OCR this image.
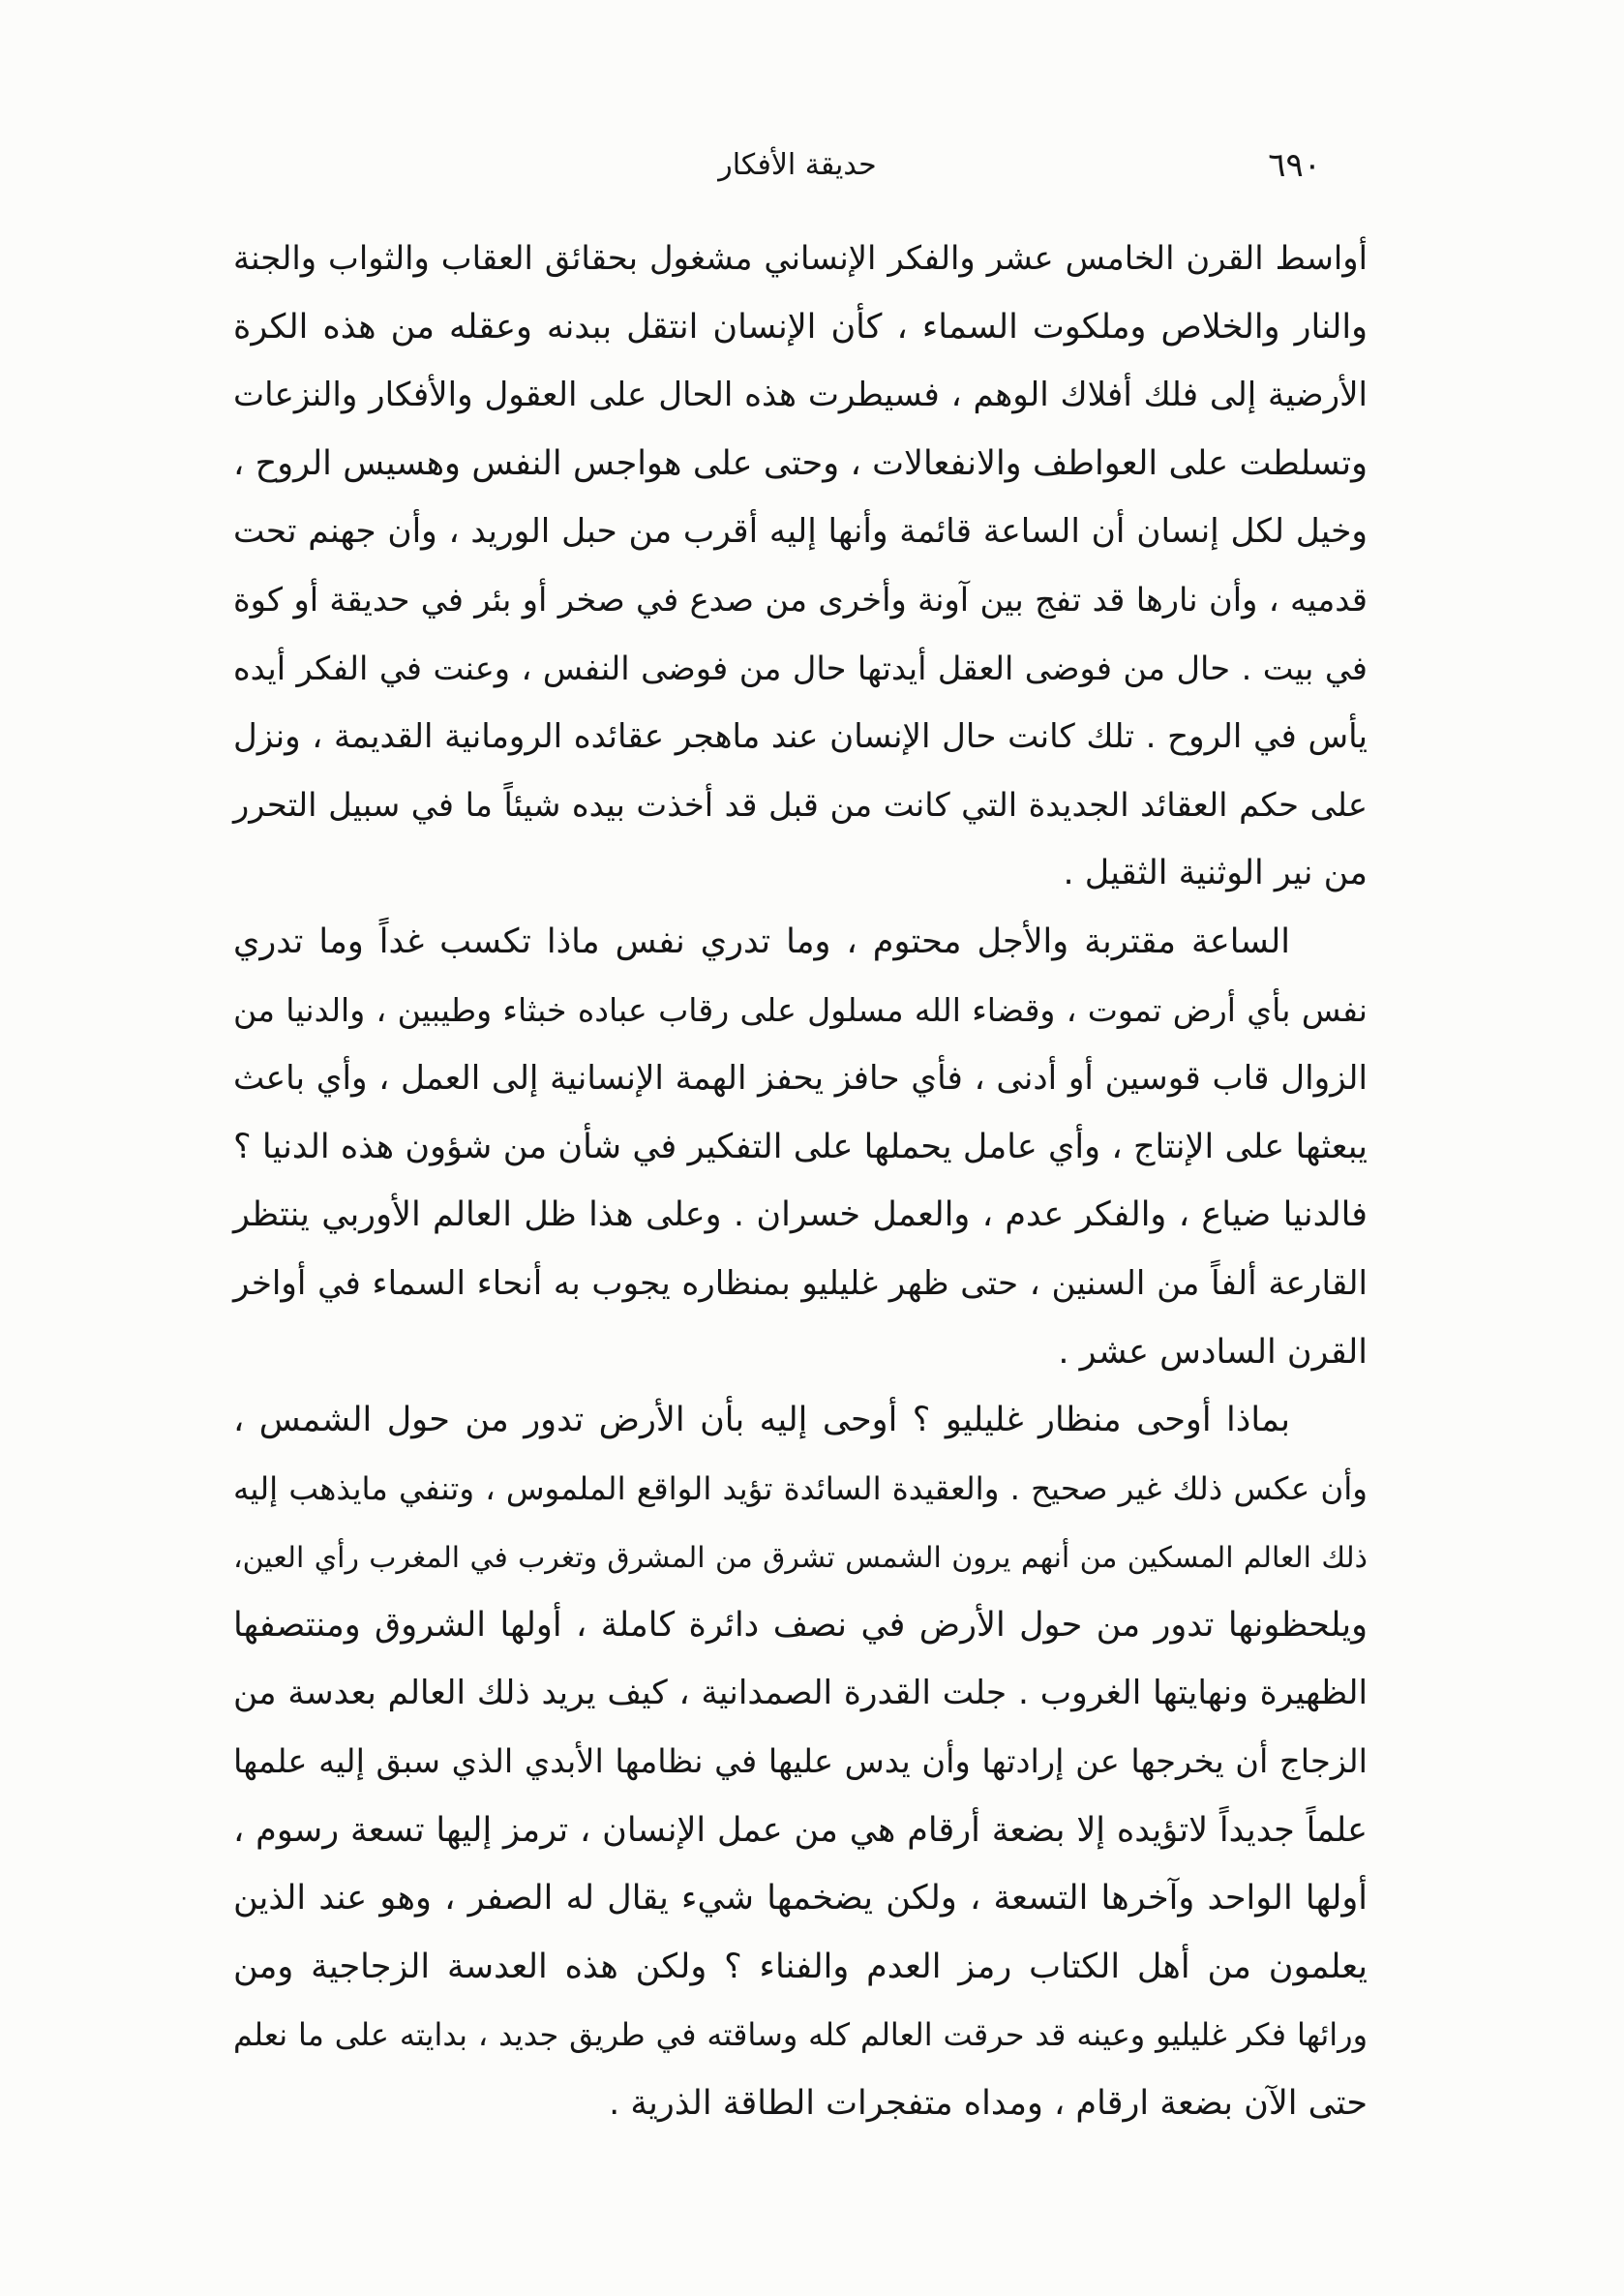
٦٩٠
حديقة الأفكار
أواسط القرن الخامس عشر والفكر الإنساني مشغول بحقائق العقاب والثواب والجنة
والنار والخلاص وملكوت السماء ، كأن الإنسان انتقل ببدنه وعقله من هذه الكرة
الأرضية إلى فلك أفلاك الوهم ، فسيطرت هذه الحال على العقول والأفكار والنزعات
وتسلطت على العواطف والانفعالات ، وحتى على هواجس النفس وهسيس الروح ،
وخيل لكل إنسان أن الساعة قائمة وأنها إليه أقرب من حبل الوريد ، وأن جهنم تحت
قدميه ، وأن نارها قد تفج بين آونة وأخرى من صدع في صخر أو بئر في حديقة أو كوة
في بيت . حال من فوضى العقل أيدتها حال من فوضى النفس ، وعنت في الفكر أيده
يأس في الروح . تلك كانت حال الإنسان عند ماهجر عقائده الرومانية القديمة ، ونزل
على حكم العقائد الجديدة التي كانت من قبل قد أخذت بيده شيئاً ما في سبيل التحرر
من نير الوثنية الثقيل .
الساعة مقتربة والأجل محتوم ، وما تدري نفس ماذا تكسب غداً وما تدري
نفس بأي أرض تموت ، وقضاء الله مسلول على رقاب عباده خبثاء وطيبين ، والدنيا من
الزوال قاب قوسين أو أدنى ، فأي حافز يحفز الهمة الإنسانية إلى العمل ، وأي باعث
يبعثها على الإنتاج ، وأي عامل يحملها على التفكير في شأن من شؤون هذه الدنيا ؟
فالدنيا ضياع ، والفكر عدم ، والعمل خسران . وعلى هذا ظل العالم الأوربي ينتظر
القارعة ألفاً من السنين ، حتى ظهر غليليو بمنظاره يجوب به أنحاء السماء في أواخر
القرن السادس عشر .
بماذا أوحى منظار غليليو ؟ أوحى إليه بأن الأرض تدور من حول الشمس ،
وأن عكس ذلك غير صحيح . والعقيدة السائدة تؤيد الواقع الملموس ، وتنفي مايذهب إليه
ذلك العالم المسكين من أنهم يرون الشمس تشرق من المشرق وتغرب في المغرب رأي العين،
ويلحظونها تدور من حول الأرض في نصف دائرة كاملة ، أولها الشروق ومنتصفها
الظهيرة ونهايتها الغروب . جلت القدرة الصمدانية ، كيف يريد ذلك العالم بعدسة من
الزجاج أن يخرجها عن إرادتها وأن يدس عليها في نظامها الأبدي الذي سبق إليه علمها
علماً جديداً لاتؤيده إلا بضعة أرقام هي من عمل الإنسان ، ترمز إليها تسعة رسوم ،
أولها الواحد وآخرها التسعة ، ولكن يضخمها شيء يقال له الصفر ، وهو عند الذين
يعلمون من أهل الكتاب رمز العدم والفناء ؟ ولكن هذه العدسة الزجاجية ومن
ورائها فكر غليليو وعينه قد حرقت العالم كله وساقته في طريق جديد ، بدايته على ما نعلم
حتى الآن بضعة ارقام ، ومداه متفجرات الطاقة الذرية .
